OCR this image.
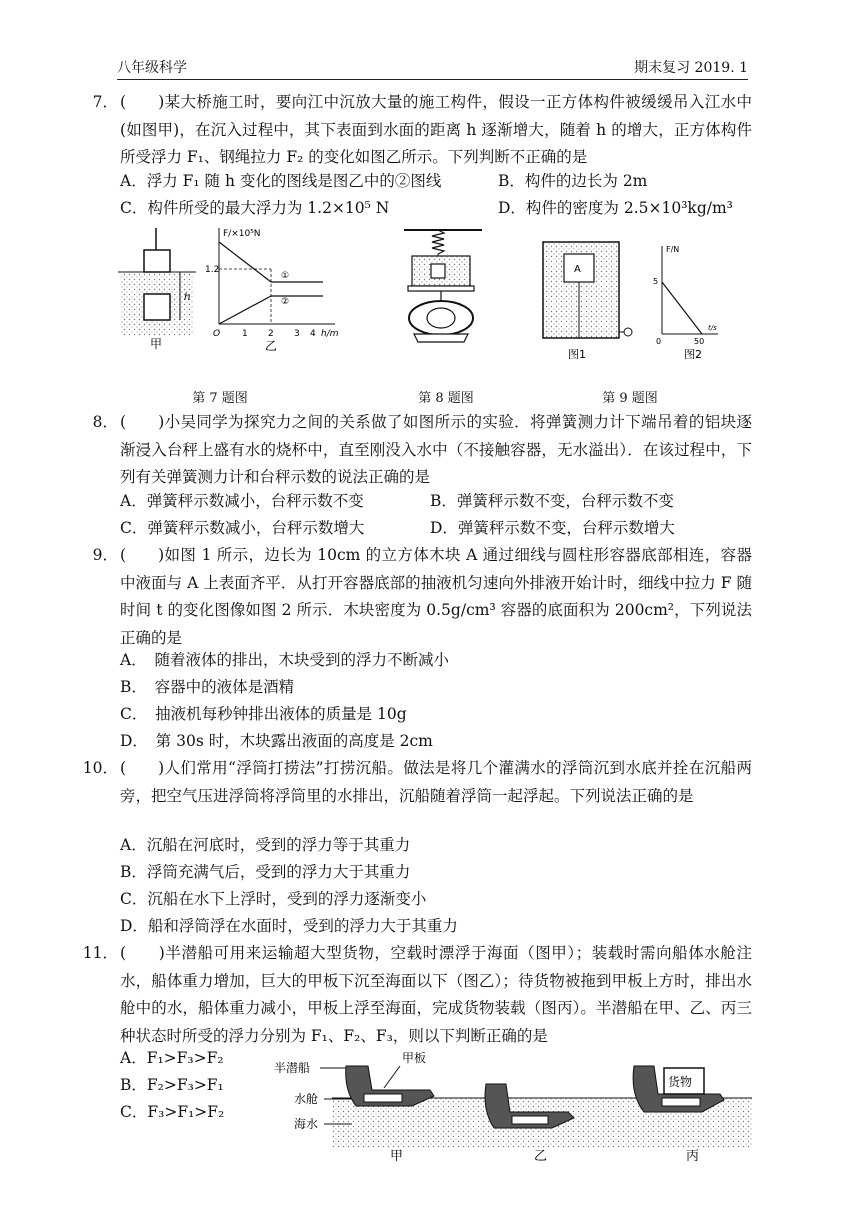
八年级科学	期末复习 2019. 1
7． (　　)某大桥施工时，要向江中沉放大量的施工构件，假设一正方体构件被缓缓吊入江水中(如图甲)，在沉入过程中，其下表面到水面的距离 h 逐渐增大，随着 h 的增大，正方体构件所受浮力 F₁、钢绳拉力 F₂ 的变化如图乙所示。下列判断不正确的是
A．浮力 F₁ 随 h 变化的图线是图乙中的②图线	B．构件的边长为 2m
C．构件所受的最大浮力为 1.2×10⁵ N	D．构件的密度为 2.5×10³kg/m³
h
甲
F/×10⁵N
1.2
①
②
O 1 2 3 4 h/m
乙
A
图1
F/N
5
0	50
t/s
图2
第 7 题图	第 8 题图	第 9 题图
8． (　　)小吴同学为探究力之间的关系做了如图所示的实验．将弹簧测力计下端吊着的铝块逐渐浸入台秤上盛有水的烧杯中，直至刚没入水中（不接触容器，无水溢出）．在该过程中，下列有关弹簧测力计和台秤示数的说法正确的是
A．弹簧秤示数减小，台秤示数不变	B．弹簧秤示数不变，台秤示数不变
C．弹簧秤示数减小，台秤示数增大	D．弹簧秤示数不变，台秤示数增大
9． (　　)如图 1 所示，边长为 10cm 的立方体木块 A 通过细线与圆柱形容器底部相连，容器中液面与 A 上表面齐平．从打开容器底部的抽液机匀速向外排液开始计时，细线中拉力 F 随时间 t 的变化图像如图 2 所示．木块密度为 0.5g/cm³ 容器的底面积为 200cm²，下列说法正确的是
A．　随着液体的排出，木块受到的浮力不断减小
B．　容器中的液体是酒精
C．　抽液机每秒钟排出液体的质量是 10g
D．　第 30s 时，木块露出液面的高度是 2cm
10． (　　)人们常用“浮筒打捞法”打捞沉船。做法是将几个灌满水的浮筒沉到水底并拴在沉船两旁，把空气压进浮筒将浮筒里的水排出，沉船随着浮筒一起浮起。下列说法正确的是
A．沉船在河底时，受到的浮力等于其重力
B．浮筒充满气后，受到的浮力大于其重力
C．沉船在水下上浮时，受到的浮力逐渐变小
D．船和浮筒浮在水面时，受到的浮力大于其重力
11． (　　)半潜船可用来运输超大型货物，空载时漂浮于海面（图甲）；装载时需向船体水舱注水，船体重力增加，巨大的甲板下沉至海面以下（图乙）；待货物被拖到甲板上方时，排出水舱中的水，船体重力减小，甲板上浮至海面，完成货物装载（图丙）。半潜船在甲、乙、丙三种状态时所受的浮力分别为 F₁、F₂、F₃，则以下判断正确的是
A．F₁>F₃>F₂
B．F₂>F₃>F₁
C．F₃>F₁>F₂
半潜船
甲板
水舱
海水
货物
甲	乙	丙
